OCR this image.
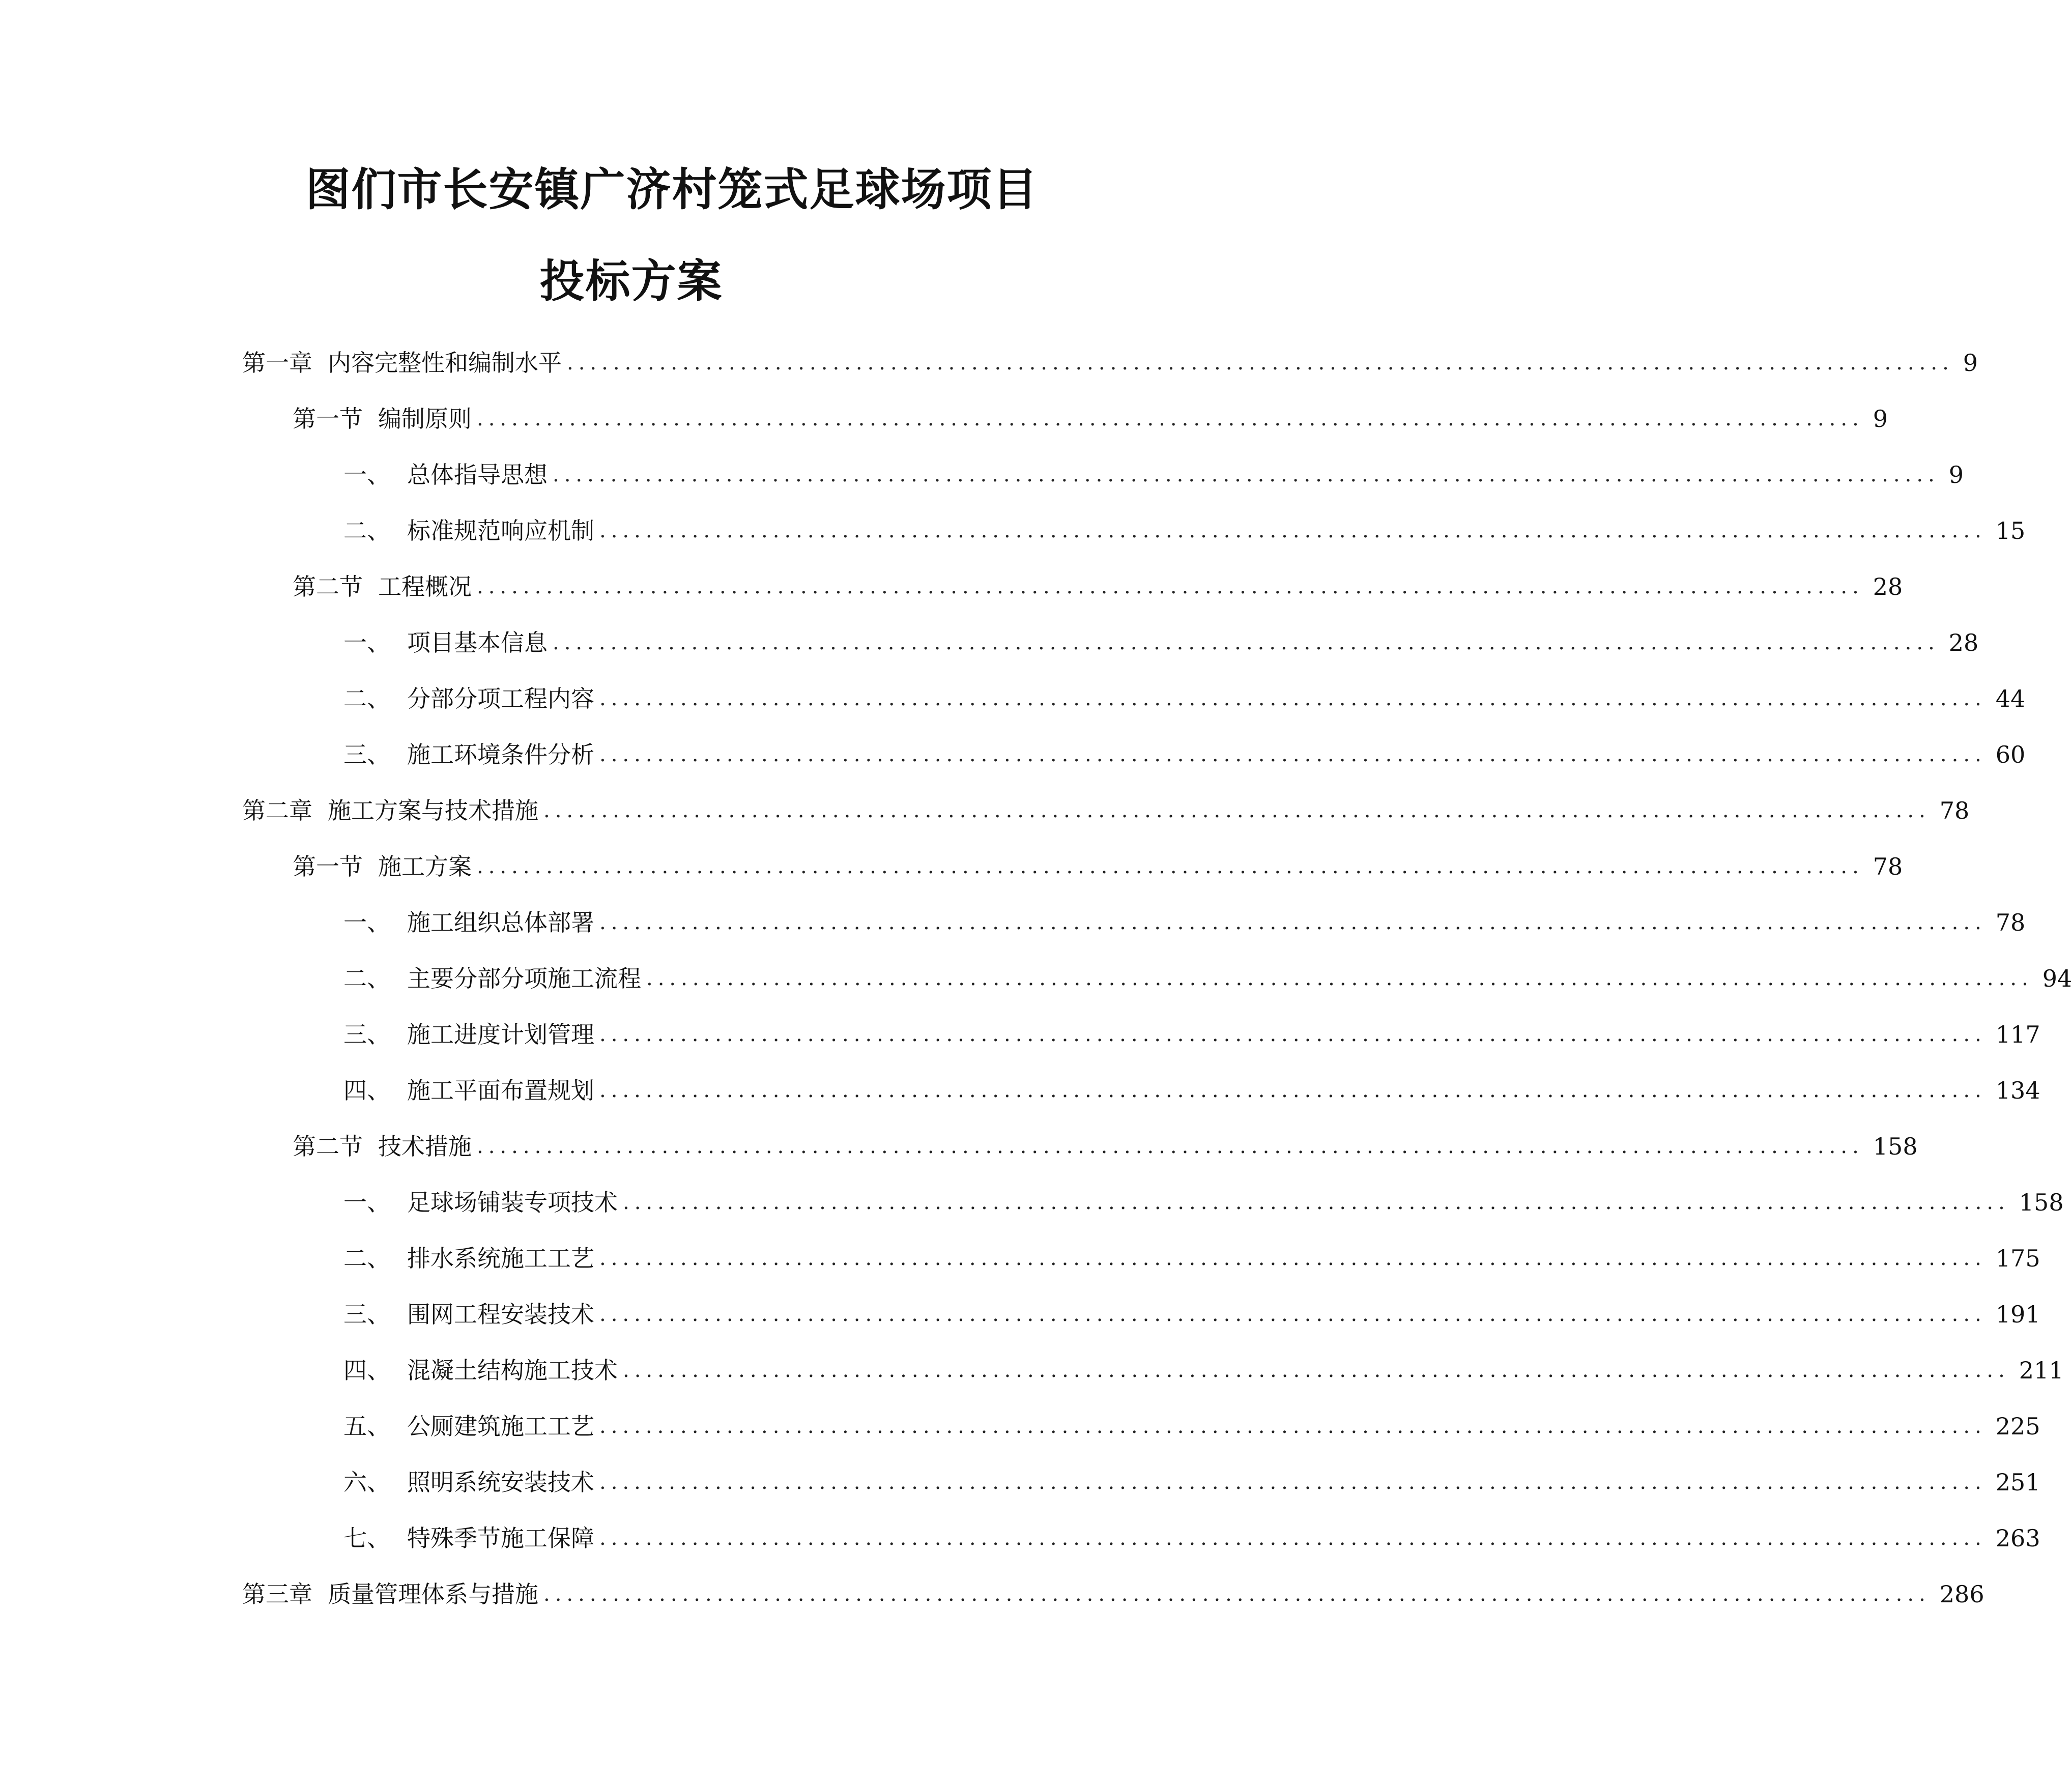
图们市长安镇广济村笼式足球场项目
投标方案
第一章 内容完整性和编制水平 ........................................................................................................................ 9
第一节 编制原则 ........................................................................................................................ 9
一、 总体指导思想 ........................................................................................................................ 9
二、 标准规范响应机制 ........................................................................................................................ 15
第二节 工程概况 ........................................................................................................................ 28
一、 项目基本信息 ........................................................................................................................ 28
二、 分部分项工程内容 ........................................................................................................................ 44
三、 施工环境条件分析 ........................................................................................................................ 60
第二章 施工方案与技术措施 ........................................................................................................................ 78
第一节 施工方案 ........................................................................................................................ 78
一、 施工组织总体部署 ........................................................................................................................ 78
二、 主要分部分项施工流程 ........................................................................................................................ 94
三、 施工进度计划管理 ........................................................................................................................ 117
四、 施工平面布置规划 ........................................................................................................................ 134
第二节 技术措施 ........................................................................................................................ 158
一、 足球场铺装专项技术 ........................................................................................................................ 158
二、 排水系统施工工艺 ........................................................................................................................ 175
三、 围网工程安装技术 ........................................................................................................................ 191
四、 混凝土结构施工技术 ........................................................................................................................ 211
五、 公厕建筑施工工艺 ........................................................................................................................ 225
六、 照明系统安装技术 ........................................................................................................................ 251
七、 特殊季节施工保障 ........................................................................................................................ 263
第三章 质量管理体系与措施 ........................................................................................................................ 286
